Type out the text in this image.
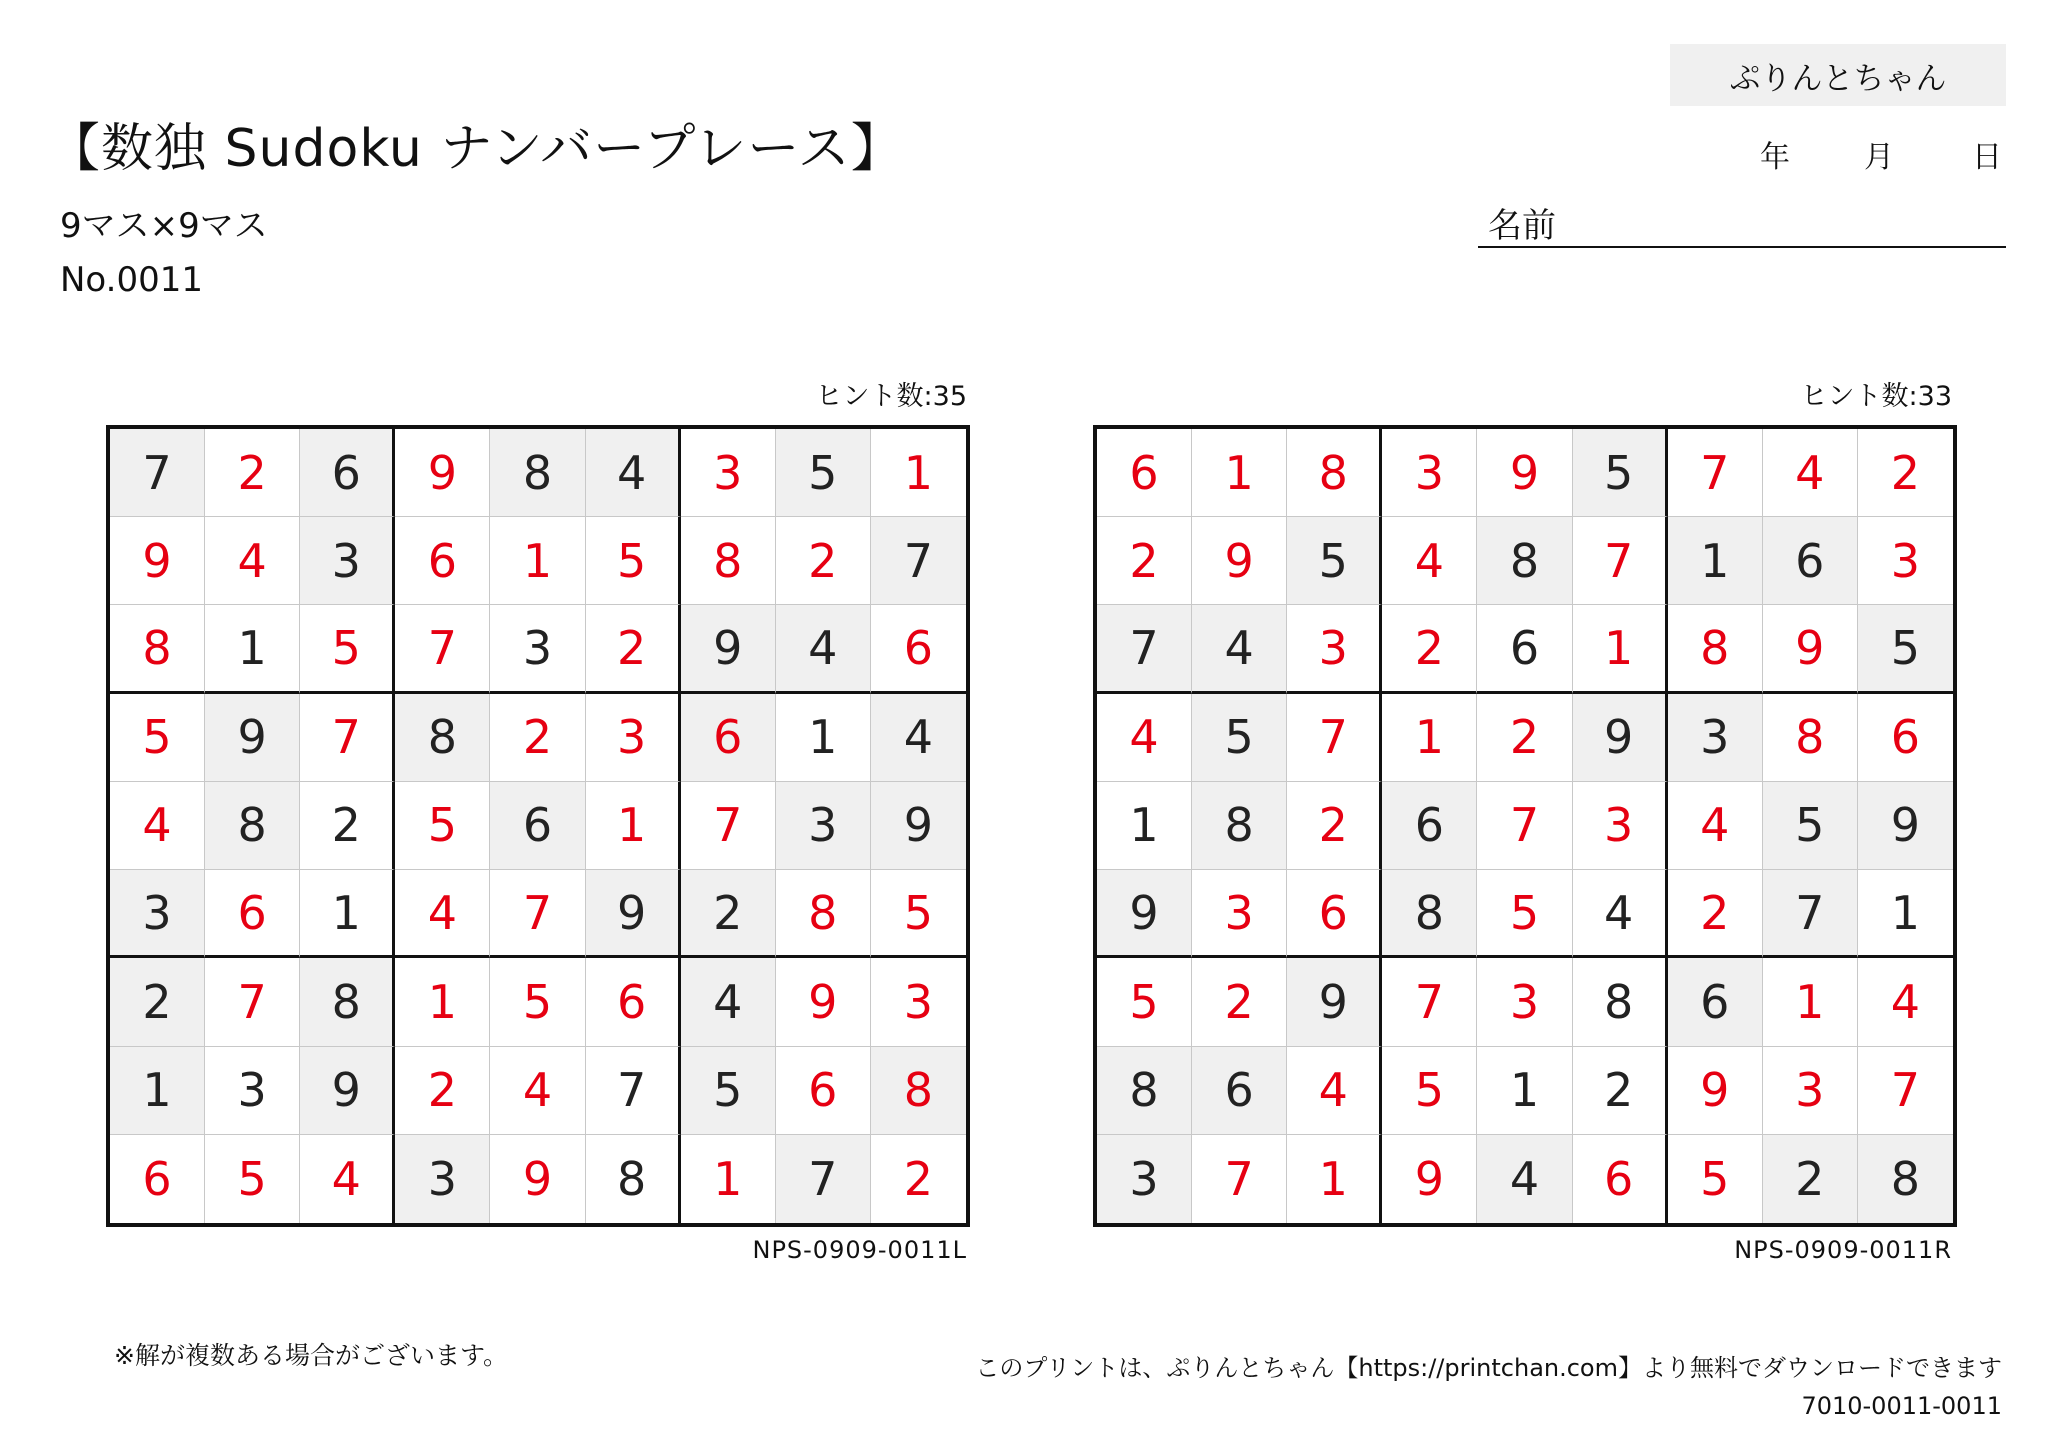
ぷりんとちゃん
【数独 Sudoku ナンバープレース】
9マス×9マス
No.0011
年 月	日
名前
ヒント数:35	ヒント数:33
7	2	6	9	8	4	3	5	1
9	4	3	6	1	5	8	2	7
8	1	5	7	3	2	9	4	6
5	9	7	8	2	3	6	1	4
4	8	2	5	6	1	7	3	9
3	6	1	4	7	9	2	8	5
2	7	8	1	5	6	4	9	3
1	3	9	2	4	7	5	6	8
6	5	4	3	9	8	1	7	2
6	1	8	3	9	5	7	4	2
2	9	5	4	8	7	1	6	3
7	4	3	2	6	1	8	9	5
4	5	7	1	2	9	3	8	6
1	8	2	6	7	3	4	5	9
9	3	6	8	5	4	2	7	1
5	2	9	7	3	8	6	1	4
8	6	4	5	1	2	9	3	7
3	7	1	9	4	6	5	2	8
NPS-0909-0011L	NPS-0909-0011R
※解が複数ある場合がございます。	このプリントは、ぷりんとちゃん【https://printchan.com】より無料でダウンロードできます
7010-0011-0011
